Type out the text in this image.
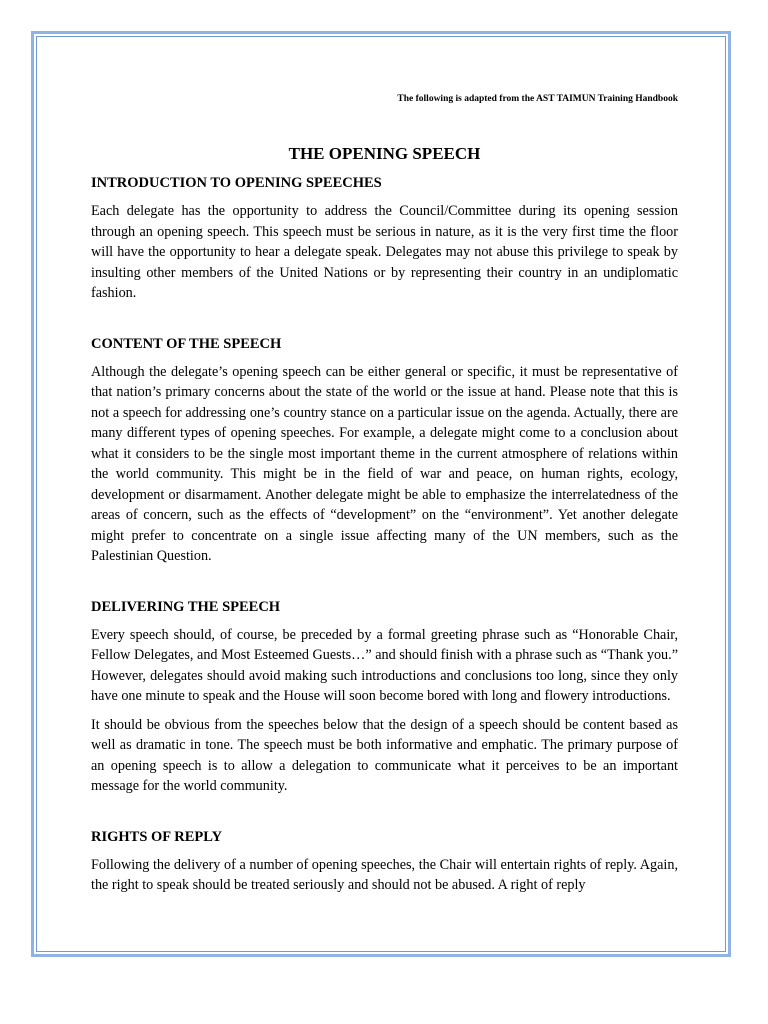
The following is adapted from the AST TAIMUN Training Handbook

THE OPENING SPEECH
INTRODUCTION TO OPENING SPEECHES

Each delegate has the opportunity to address the Council/Committee during its opening session through an opening speech. This speech must be serious in nature, as it is the very first time the floor will have the opportunity to hear a delegate speak. Delegates may not abuse this privilege to speak by insulting other members of the United Nations or by representing their country in an undiplomatic fashion.

CONTENT OF THE SPEECH

Although the delegate’s opening speech can be either general or specific, it must be representative of that nation’s primary concerns about the state of the world or the issue at hand. Please note that this is not a speech for addressing one’s country stance on a particular issue on the agenda. Actually, there are many different types of opening speeches. For example, a delegate might come to a conclusion about what it considers to be the single most important theme in the current atmosphere of relations within the world community. This might be in the field of war and peace, on human rights, ecology, development or disarmament. Another delegate might be able to emphasize the interrelatedness of the areas of concern, such as the effects of “development” on the “environment”. Yet another delegate might prefer to concentrate on a single issue affecting many of the UN members, such as the Palestinian Question.

DELIVERING THE SPEECH

Every speech should, of course, be preceded by a formal greeting phrase such as “Honorable Chair, Fellow Delegates, and Most Esteemed Guests…” and should finish with a phrase such as “Thank you.” However, delegates should avoid making such introductions and conclusions too long, since they only have one minute to speak and the House will soon become bored with long and flowery introductions.

It should be obvious from the speeches below that the design of a speech should be content based as well as dramatic in tone. The speech must be both informative and emphatic. The primary purpose of an opening speech is to allow a delegation to communicate what it perceives to be an important message for the world community.

RIGHTS OF REPLY

Following the delivery of a number of opening speeches, the Chair will entertain rights of reply. Again, the right to speak should be treated seriously and should not be abused. A right of reply
